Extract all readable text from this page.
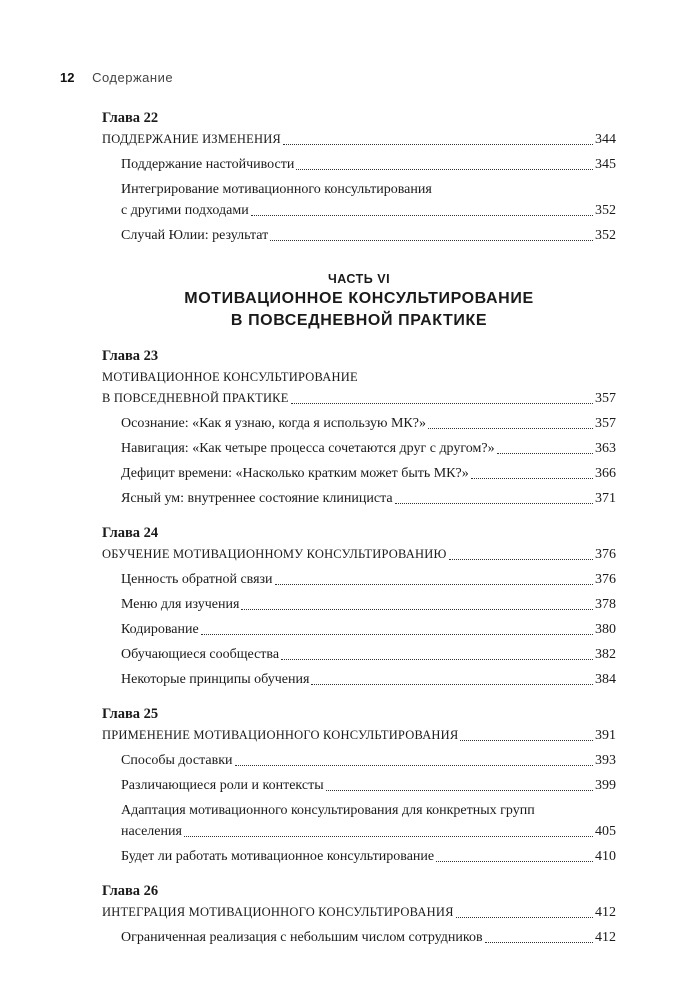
12 Содержание
Глава 22
ПОДДЕРЖАНИЕ ИЗМЕНЕНИЯ	344
Поддержание настойчивости	345
Интегрирование мотивационного консультирования
с другими подходами	352
Случай Юлии: результат	352
ЧАСТЬ VI
МОТИВАЦИОННОЕ КОНСУЛЬТИРОВАНИЕ
В ПОВСЕДНЕВНОЙ ПРАКТИКЕ
Глава 23
МОТИВАЦИОННОЕ КОНСУЛЬТИРОВАНИЕ
В ПОВСЕДНЕВНОЙ ПРАКТИКЕ	357
Осознание: «Как я узнаю, когда я использую МК?»	357
Навигация: «Как четыре процесса сочетаются друг с другом?»	363
Дефицит времени: «Насколько кратким может быть МК?»	366
Ясный ум: внутреннее состояние клинициста	371
Глава 24
ОБУЧЕНИЕ МОТИВАЦИОННОМУ КОНСУЛЬТИРОВАНИЮ	376
Ценность обратной связи	376
Меню для изучения	378
Кодирование	380
Обучающиеся сообщества	382
Некоторые принципы обучения	384
Глава 25
ПРИМЕНЕНИЕ МОТИВАЦИОННОГО КОНСУЛЬТИРОВАНИЯ	391
Способы доставки	393
Различающиеся роли и контексты	399
Адаптация мотивационного консультирования для конкретных групп
населения	405
Будет ли работать мотивационное консультирование	410
Глава 26
ИНТЕГРАЦИЯ МОТИВАЦИОННОГО КОНСУЛЬТИРОВАНИЯ	412
Ограниченная реализация с небольшим числом сотрудников	412
